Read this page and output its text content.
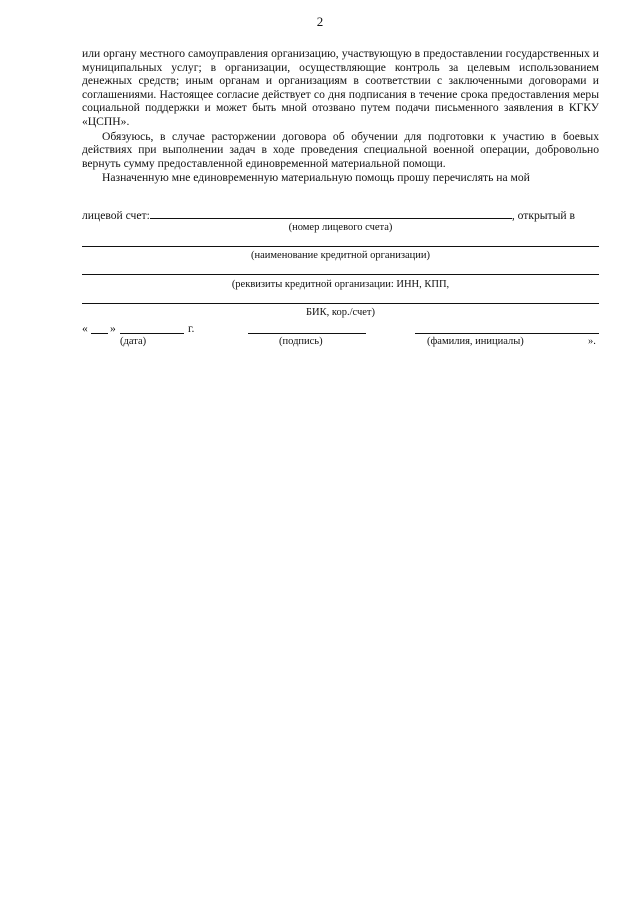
2

или органу местного самоуправления организацию, участвующую в предоставлении государственных и муниципальных услуг; в организации, осуществляющие контроль за целевым использованием денежных средств; иным органам и организациям в соответствии с заключенными договорами и соглашениями. Настоящее согласие действует со дня подписания в течение срока предоставления меры социальной поддержки и может быть мной отозвано путем подачи письменного заявления в КГКУ «ЦСПН».

Обязуюсь, в случае расторжении договора об обучении для подготовки к участию в боевых действиях при выполнении задач в ходе проведения специальной военной операции, добровольно вернуть сумму предоставленной единовременной материальной помощи.

Назначенную мне единовременную материальную помощь прошу перечислять на мой

лицевой счет:	, открытый в
(номер лицевого счета)
(наименование кредитной организации)
(реквизиты кредитной организации: ИНН, КПП,
БИК, кор./счет)
« »	г.
(дата)	(подпись)	(фамилия, инициалы)	».
